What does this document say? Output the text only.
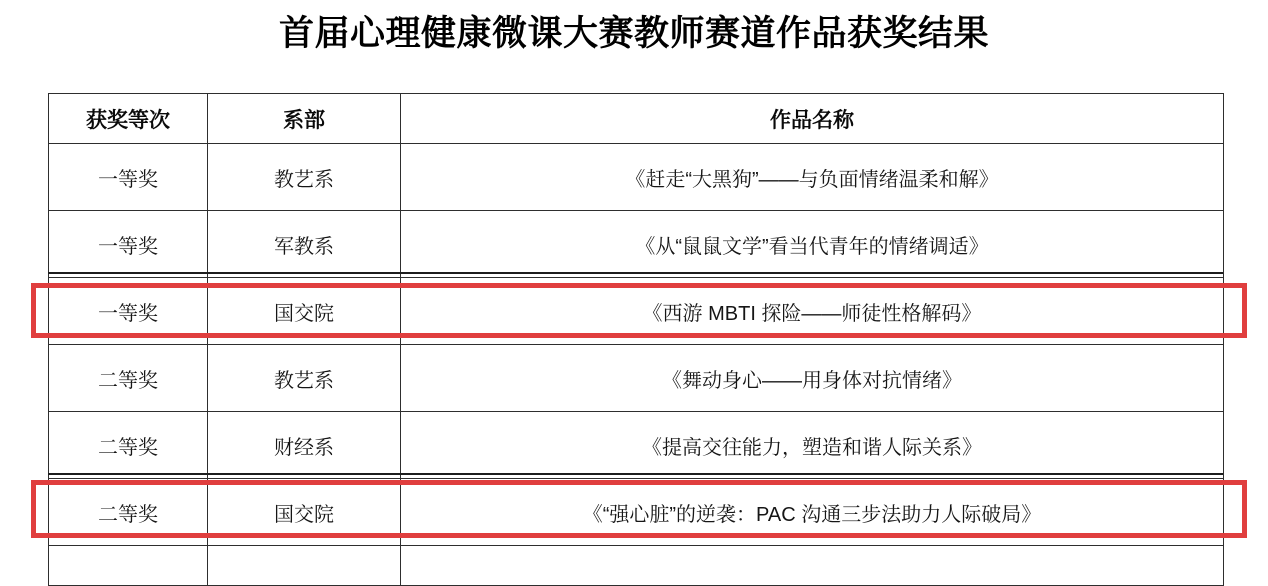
首届心理健康微课大赛教师赛道作品获奖结果
获奖等次	系部	作品名称
一等奖	教艺系	《赶走“大黑狗”——与负面情绪温柔和解》
一等奖	军教系	《从“鼠鼠文学”看当代青年的情绪调适》
一等奖	国交院	《西游 MBTI 探险——师徒性格解码》
二等奖	教艺系	《舞动身心——用身体对抗情绪》
二等奖	财经系	《提高交往能力，塑造和谐人际关系》
二等奖	国交院	《“强心脏”的逆袭：PAC 沟通三步法助力人际破局》
